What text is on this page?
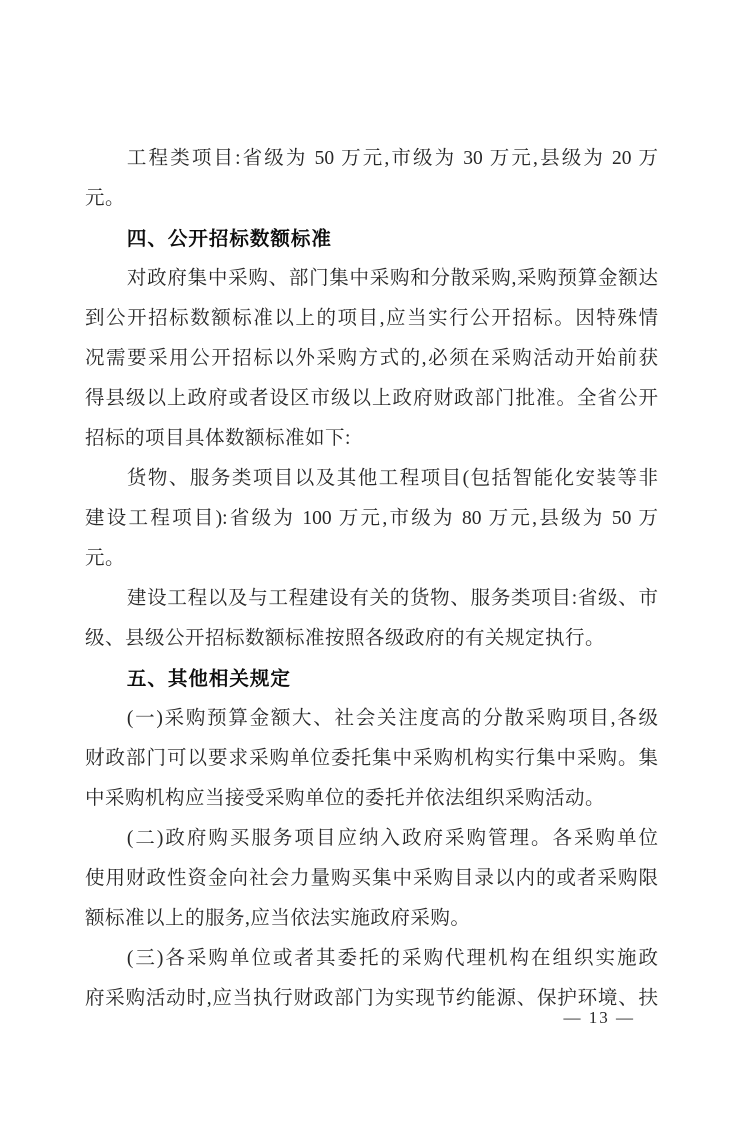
工程类项目:省级为 50 万元,市级为 30 万元,县级为 20 万
元。
四、公开招标数额标准
对政府集中采购、部门集中采购和分散采购,采购预算金额达
到公开招标数额标准以上的项目,应当实行公开招标。因特殊情
况需要采用公开招标以外采购方式的,必须在采购活动开始前获
得县级以上政府或者设区市级以上政府财政部门批准。全省公开
招标的项目具体数额标准如下:
货物、服务类项目以及其他工程项目(包括智能化安装等非
建设工程项目):省级为 100 万元,市级为 80 万元,县级为 50 万
元。
建设工程以及与工程建设有关的货物、服务类项目:省级、市
级、县级公开招标数额标准按照各级政府的有关规定执行。
五、其他相关规定
(一)采购预算金额大、社会关注度高的分散采购项目,各级
财政部门可以要求采购单位委托集中采购机构实行集中采购。集
中采购机构应当接受采购单位的委托并依法组织采购活动。
(二)政府购买服务项目应纳入政府采购管理。各采购单位
使用财政性资金向社会力量购买集中采购目录以内的或者采购限
额标准以上的服务,应当依法实施政府采购。
(三)各采购单位或者其委托的采购代理机构在组织实施政
府采购活动时,应当执行财政部门为实现节约能源、保护环境、扶
— 13 —
